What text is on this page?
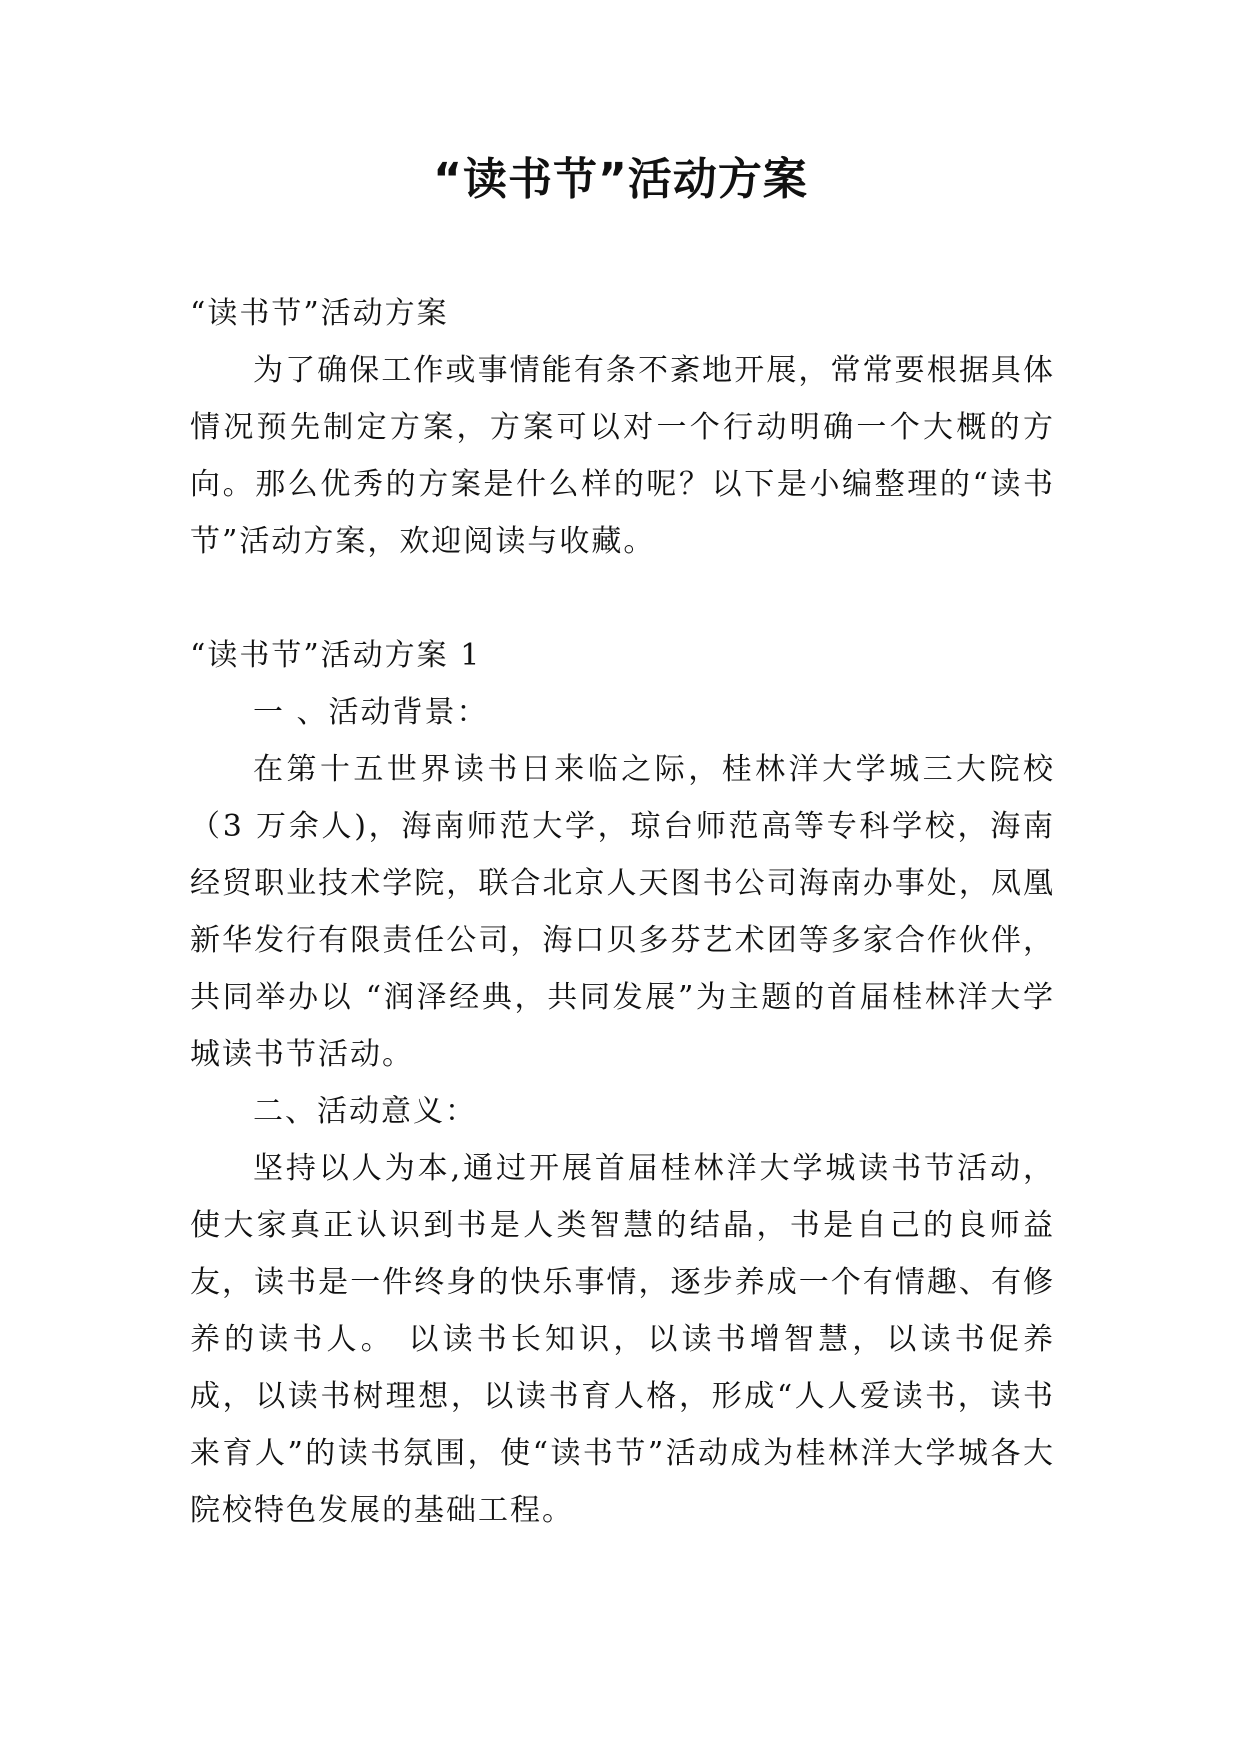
“读书节”活动方案

“读书节”活动方案

为了确保工作或事情能有条不紊地开展，常常要根据具体情况预先制定方案，方案可以对一个行动明确一个大概的方向。那么优秀的方案是什么样的呢？以下是小编整理的“读书节”活动方案，欢迎阅读与收藏。

“读书节”活动方案 1

一 、活动背景：

在第十五世界读书日来临之际，桂林洋大学城三大院校（3 万余人)，海南师范大学，琼台师范高等专科学校，海南经贸职业技术学院，联合北京人天图书公司海南办事处，凤凰新华发行有限责任公司，海口贝多芬艺术团等多家合作伙伴，共同举办以 “润泽经典，共同发展”为主题的首届桂林洋大学城读书节活动。

二、活动意义：

坚持以人为本,通过开展首届桂林洋大学城读书节活动，使大家真正认识到书是人类智慧的结晶，书是自己的良师益友，读书是一件终身的快乐事情，逐步养成一个有情趣、有修养的读书人。 以读书长知识，以读书增智慧，以读书促养成，以读书树理想，以读书育人格，形成“人人爱读书，读书来育人”的读书氛围，使“读书节”活动成为桂林洋大学城各大院校特色发展的基础工程。
